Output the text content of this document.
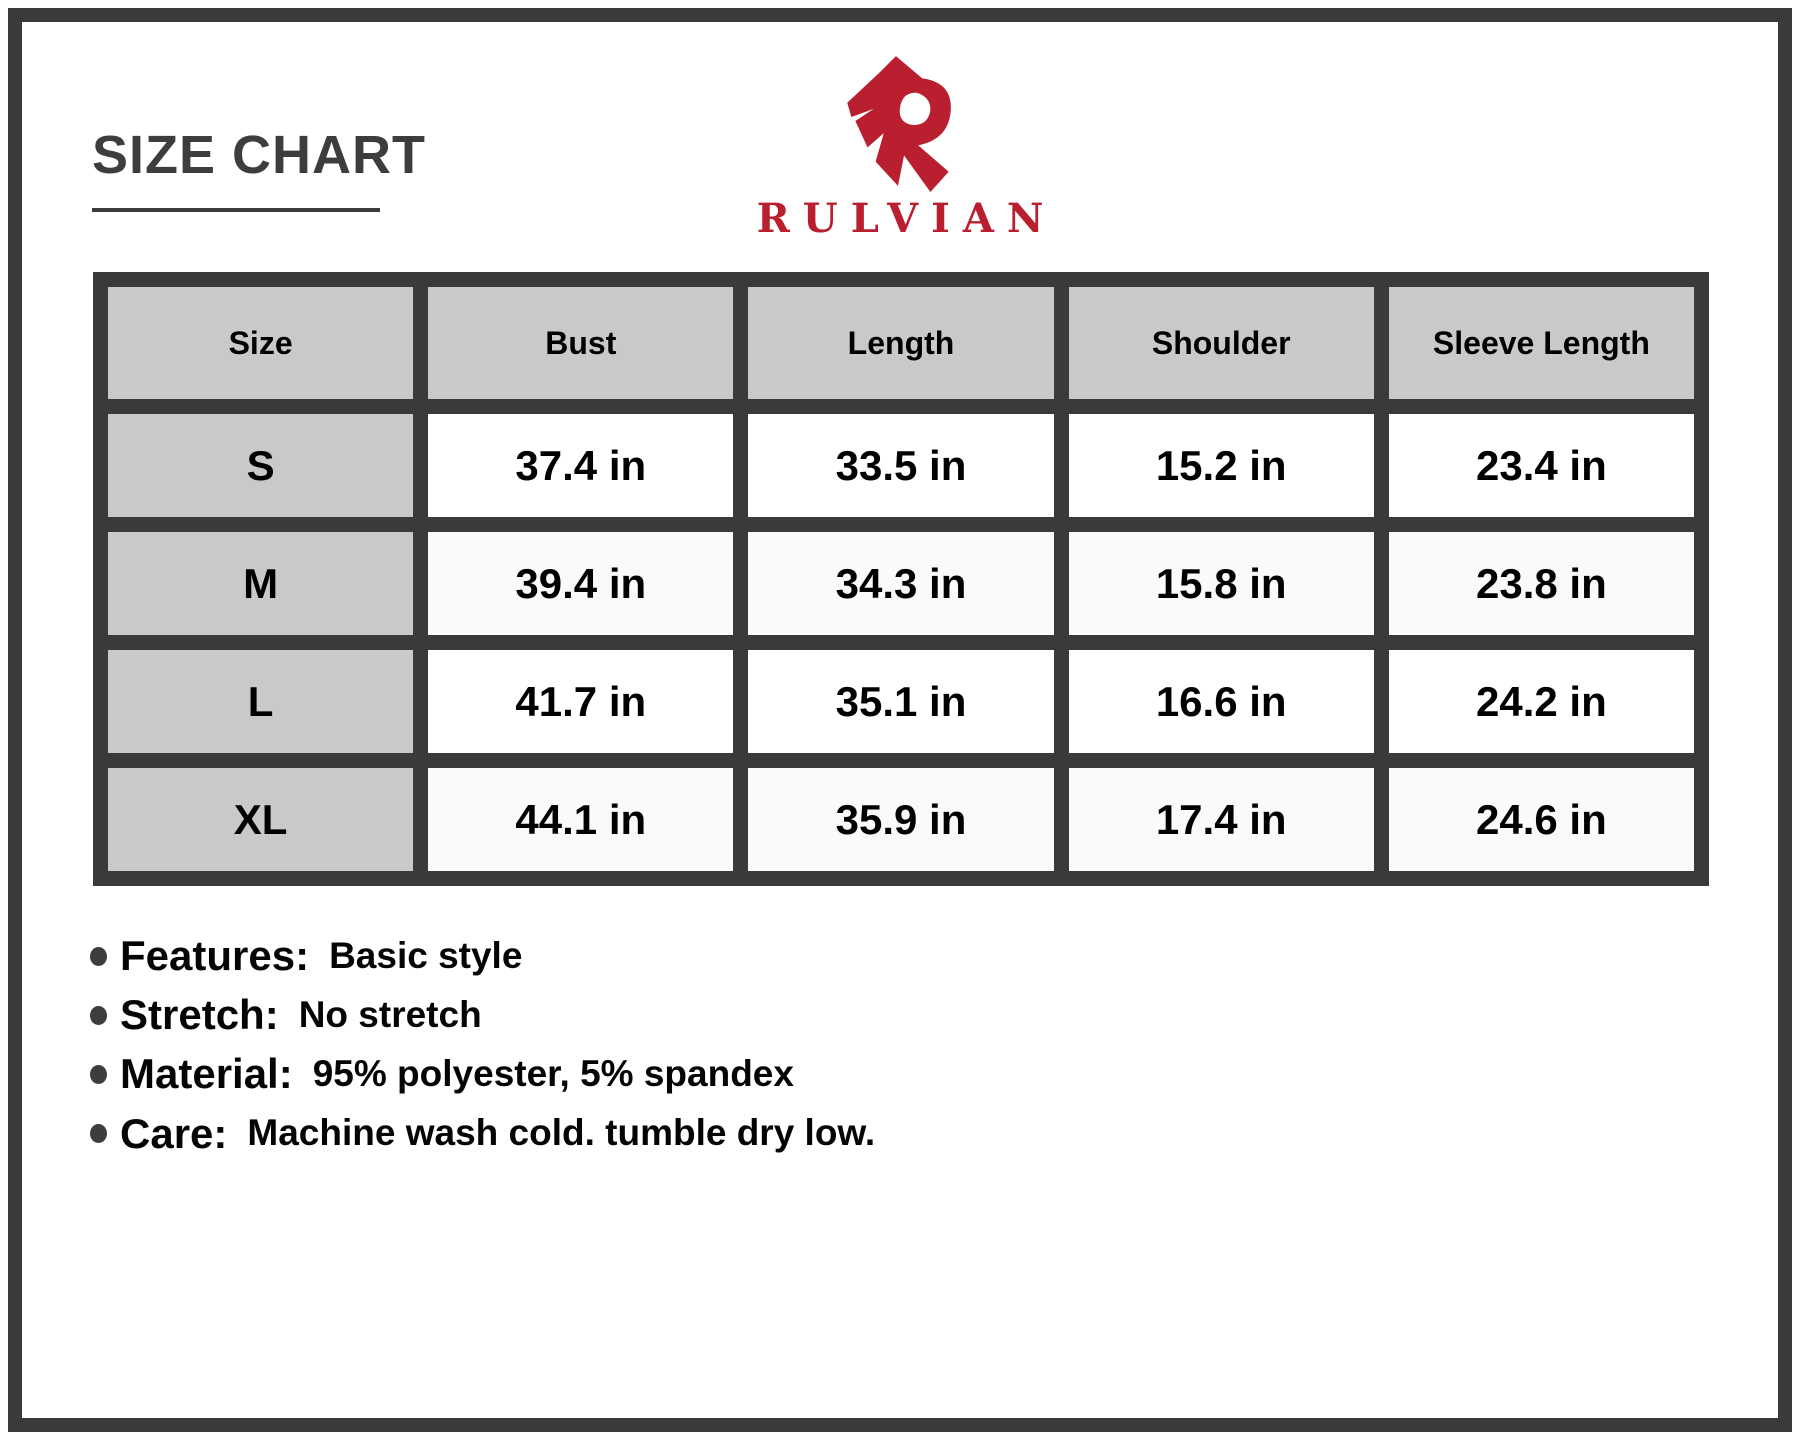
SIZE CHART
RULVIAN
Size	Bust	Length	Shoulder	Sleeve Length
S	37.4 in	33.5 in	15.2 in	23.4 in
M	39.4 in	34.3 in	15.8 in	23.8 in
L	41.7 in	35.1 in	16.6 in	24.2 in
XL	44.1 in	35.9 in	17.4 in	24.6 in
Features: Basic style
Stretch: No stretch
Material: 95% polyester, 5% spandex
Care: Machine wash cold. tumble dry low.
